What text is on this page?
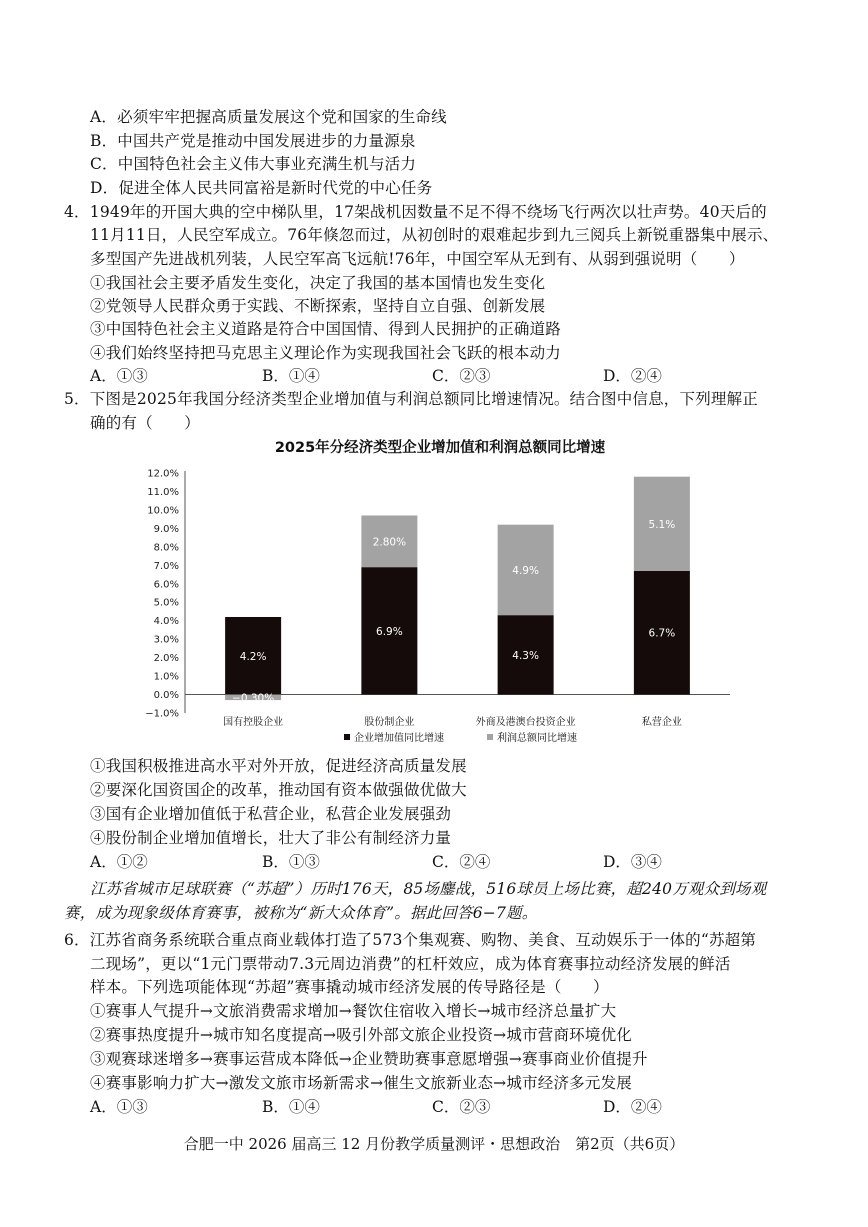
A．必须牢牢把握高质量发展这个党和国家的生命线
B．中国共产党是推动中国发展进步的力量源泉
C．中国特色社会主义伟大事业充满生机与活力
D．促进全体人民共同富裕是新时代党的中心任务
4．1949年的开国大典的空中梯队里，17架战机因数量不足不得不绕场飞行两次以壮声势。40天后的
11月11日，人民空军成立。76年倏忽而过，从初创时的艰难起步到九三阅兵上新锐重器集中展示、
多型国产先进战机列装，人民空军高飞远航!76年，中国空军从无到有、从弱到强说明（　　）
①我国社会主要矛盾发生变化，决定了我国的基本国情也发生变化
②党领导人民群众勇于实践、不断探索，坚持自立自强、创新发展
③中国特色社会主义道路是符合中国国情、得到人民拥护的正确道路
④我们始终坚持把马克思主义理论作为实现我国社会飞跃的根本动力
A．①③	B．①④	C．②③	D．②④
5．下图是2025年我国分经济类型企业增加值与利润总额同比增速情况。结合图中信息，下列理解正
确的有（　　）
2025年分经济类型企业增加值和利润总额同比增速
12.0%
11.0%
10.0%
9.0%
8.0%
7.0%
6.0%
5.0%
4.0%
3.0%
2.0%
1.0%
0.0%
−1.0%
4.2%
−0.30%
国有控股企业
6.9%
2.80%
股份制企业
4.3%
4.9%
外商及港澳台投资企业
6.7%
5.1%
私营企业
企业增加值同比增速	利润总额同比增速
①我国积极推进高水平对外开放，促进经济高质量发展
②要深化国资国企的改革，推动国有资本做强做优做大
③国有企业增加值低于私营企业，私营企业发展强劲
④股份制企业增加值增长，壮大了非公有制经济力量
A．①②	B．①③	C．②④	D．③④
江苏省城市足球联赛（“苏超”）历时176天，85场鏖战，516球员上场比赛，超240万观众到场观
赛，成为现象级体育赛事，被称为“新大众体育”。据此回答6−7题。
6．江苏省商务系统联合重点商业载体打造了573个集观赛、购物、美食、互动娱乐于一体的“苏超第
二现场”，更以“1元门票带动7.3元周边消费”的杠杆效应，成为体育赛事拉动经济发展的鲜活
样本。下列选项能体现“苏超”赛事撬动城市经济发展的传导路径是（　　）
①赛事人气提升→文旅消费需求增加→餐饮住宿收入增长→城市经济总量扩大
②赛事热度提升→城市知名度提高→吸引外部文旅企业投资→城市营商环境优化
③观赛球迷增多→赛事运营成本降低→企业赞助赛事意愿增强→赛事商业价值提升
④赛事影响力扩大→激发文旅市场新需求→催生文旅新业态→城市经济多元发展
A．①③	B．①④	C．②③	D．②④
合肥一中 2026 届高三 12 月份教学质量测评・思想政治　第2页（共6页）
